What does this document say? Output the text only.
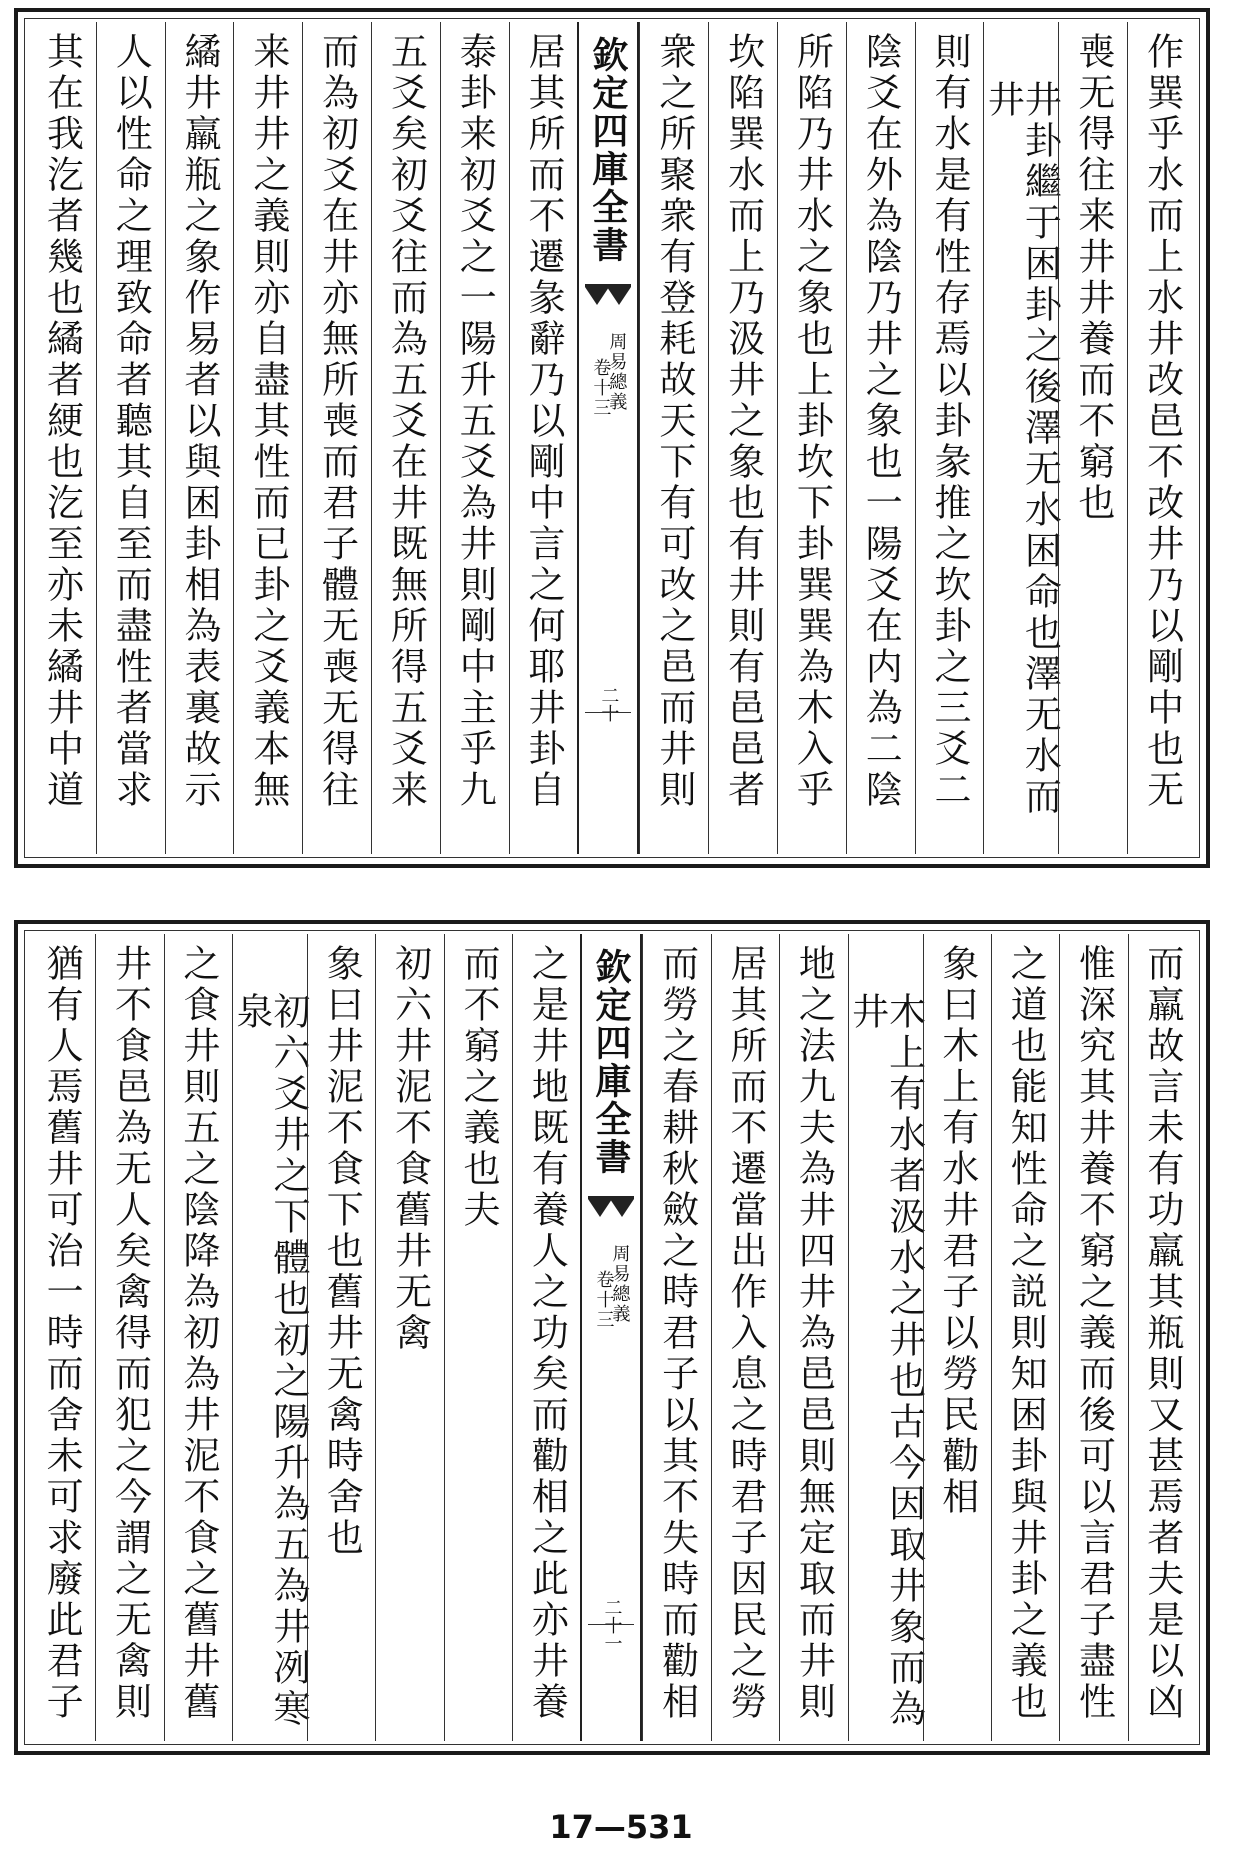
作巽乎水而上水井改邑不改井乃以剛中也无
喪无得往来井井養而不窮也
井卦繼于困卦之後澤无水困命也澤无水而井
則有水是有性存焉以卦彖推之坎卦之三爻二
陰爻在外為陰乃井之象也一陽爻在内為二陰
所陷乃井水之象也上卦坎下卦巽巽為木入乎
坎陷巽水而上乃汲井之象也有井則有邑邑者
衆之所聚衆有登耗故天下有可改之邑而井則
欽定四庫全書
周易總義
卷十三
二十
居其所而不遷彖辭乃以剛中言之何耶井卦自
泰卦来初爻之一陽升五爻為井則剛中主乎九
五爻矣初爻往而為五爻在井既無所得五爻来
而為初爻在井亦無所喪而君子體无喪无得往
来井井之義則亦自盡其性而已卦之爻義本無
繘井羸瓶之象作易者以與困卦相為表裏故示
人以性命之理致命者聽其自至而盡性者當求
其在我汔者幾也繘者綆也汔至亦未繘井中道
而羸故言未有功羸其瓶則又甚焉者夫是以凶
惟深究其井養不窮之義而後可以言君子盡性
之道也能知性命之説則知困卦與井卦之義也
象曰木上有水井君子以勞民勸相
木上有水者汲水之井也古今因取井象而為井
地之法九夫為井四井為邑邑則無定取而井則
居其所而不遷當出作入息之時君子因民之勞
而勞之春耕秋斂之時君子以其不失時而勸相
欽定四庫全書
周易總義
卷十三
二十一
之是井地既有養人之功矣而勸相之此亦井養
而不窮之義也夫
初六井泥不食舊井无禽
象曰井泥不食下也舊井无禽時舍也
初六爻井之下體也初之陽升為五為井冽寒泉
之食井則五之陰降為初為井泥不食之舊井舊
井不食邑為无人矣禽得而犯之今謂之无禽則
猶有人焉舊井可治一時而舍未可求廢此君子
17—531
